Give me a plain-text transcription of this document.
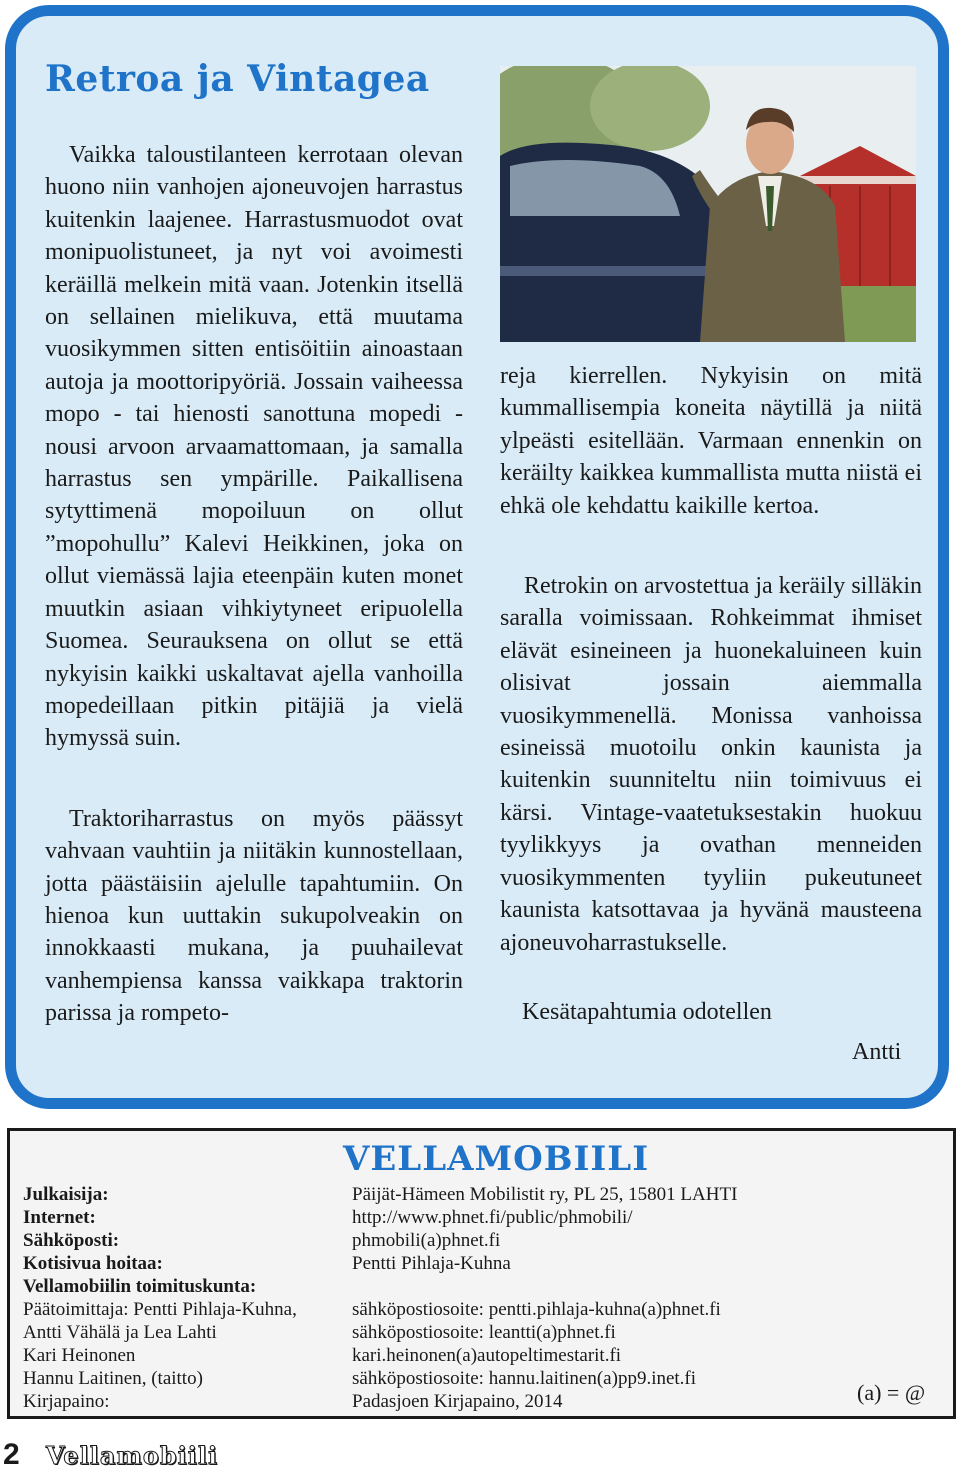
Retroa ja Vintagea

Vaikka taloustilanteen kerrotaan olevan huono niin vanhojen ajoneuvojen harrastus kuitenkin laajenee. Harrastusmuodot ovat monipuolistuneet, ja nyt voi avoimesti keräillä melkein mitä vaan. Jotenkin itsellä on sellainen mielikuva, että muutama vuosikymmen sitten entisöitiin ainoastaan autoja ja moottoripyöriä. Jossain vaiheessa mopo - tai hienosti sanottuna mopedi - nousi arvoon arvaamattomaan, ja samalla harrastus sen ympärille. Paikallisena sytyttimenä mopoiluun on ollut ”mopohullu” Kalevi Heikkinen, joka on ollut viemässä lajia eteenpäin kuten monet muutkin asiaan vihkiytyneet eripuolella Suomea. Seurauksena on ollut se että nykyisin kaikki uskaltavat ajella vanhoilla mopedeillaan pitkin pitäjiä ja vielä hymyssä suin.

Traktoriharrastus on myös päässyt vahvaan vauhtiin ja niitäkin kunnostellaan, jotta päästäisiin ajelulle tapahtumiin. On hienoa kun uuttakin sukupolveakin on innokkaasti mukana, ja puuhailevat vanhempiensa kanssa vaikkapa traktorin parissa ja rompeto-

reja kierrellen. Nykyisin on mitä kummallisempia koneita näytillä ja niitä ylpeästi esitellään. Varmaan ennenkin on keräilty kaikkea kummallista mutta niistä ei ehkä ole kehdattu kaikille kertoa.

Retrokin on arvostettua ja keräily silläkin saralla voimissaan. Rohkeimmat ihmiset elävät esineineen ja huonekaluineen kuin olisivat jossain aiemmalla vuosikymmenellä. Monissa vanhoissa esineissä muotoilu onkin kaunista ja kuitenkin suunniteltu niin toimivuus ei kärsi. Vintage-vaatetuksestakin huokuu tyylikkyys ja ovathan menneiden vuosikymmenten tyyliin pukeutuneet kaunista katsottavaa ja hyvänä mausteena ajoneuvoharrastukselle.

Kesätapahtumia odotellen
Antti
VELLAMOBIILI
Julkaisija:	Päijät-Hämeen Mobilistit ry, PL 25, 15801 LAHTI
Internet:	http://www.phnet.fi/public/phmobili/
Sähköposti:	phmobili(a)phnet.fi
Kotisivua hoitaa:	Pentti Pihlaja-Kuhna
Vellamobiilin toimituskunta:
Päätoimittaja: Pentti Pihlaja-Kuhna,	sähköpostiosoite: pentti.pihlaja-kuhna(a)phnet.fi
Antti Vähälä ja Lea Lahti	sähköpostiosoite: leantti(a)phnet.fi
Kari Heinonen	kari.heinonen(a)autopeltimestarit.fi
Hannu Laitinen, (taitto)	sähköpostiosoite: hannu.laitinen(a)pp9.inet.fi
Kirjapaino:	Padasjoen Kirjapaino, 2014	(a) = @
2 Vellamobiili
